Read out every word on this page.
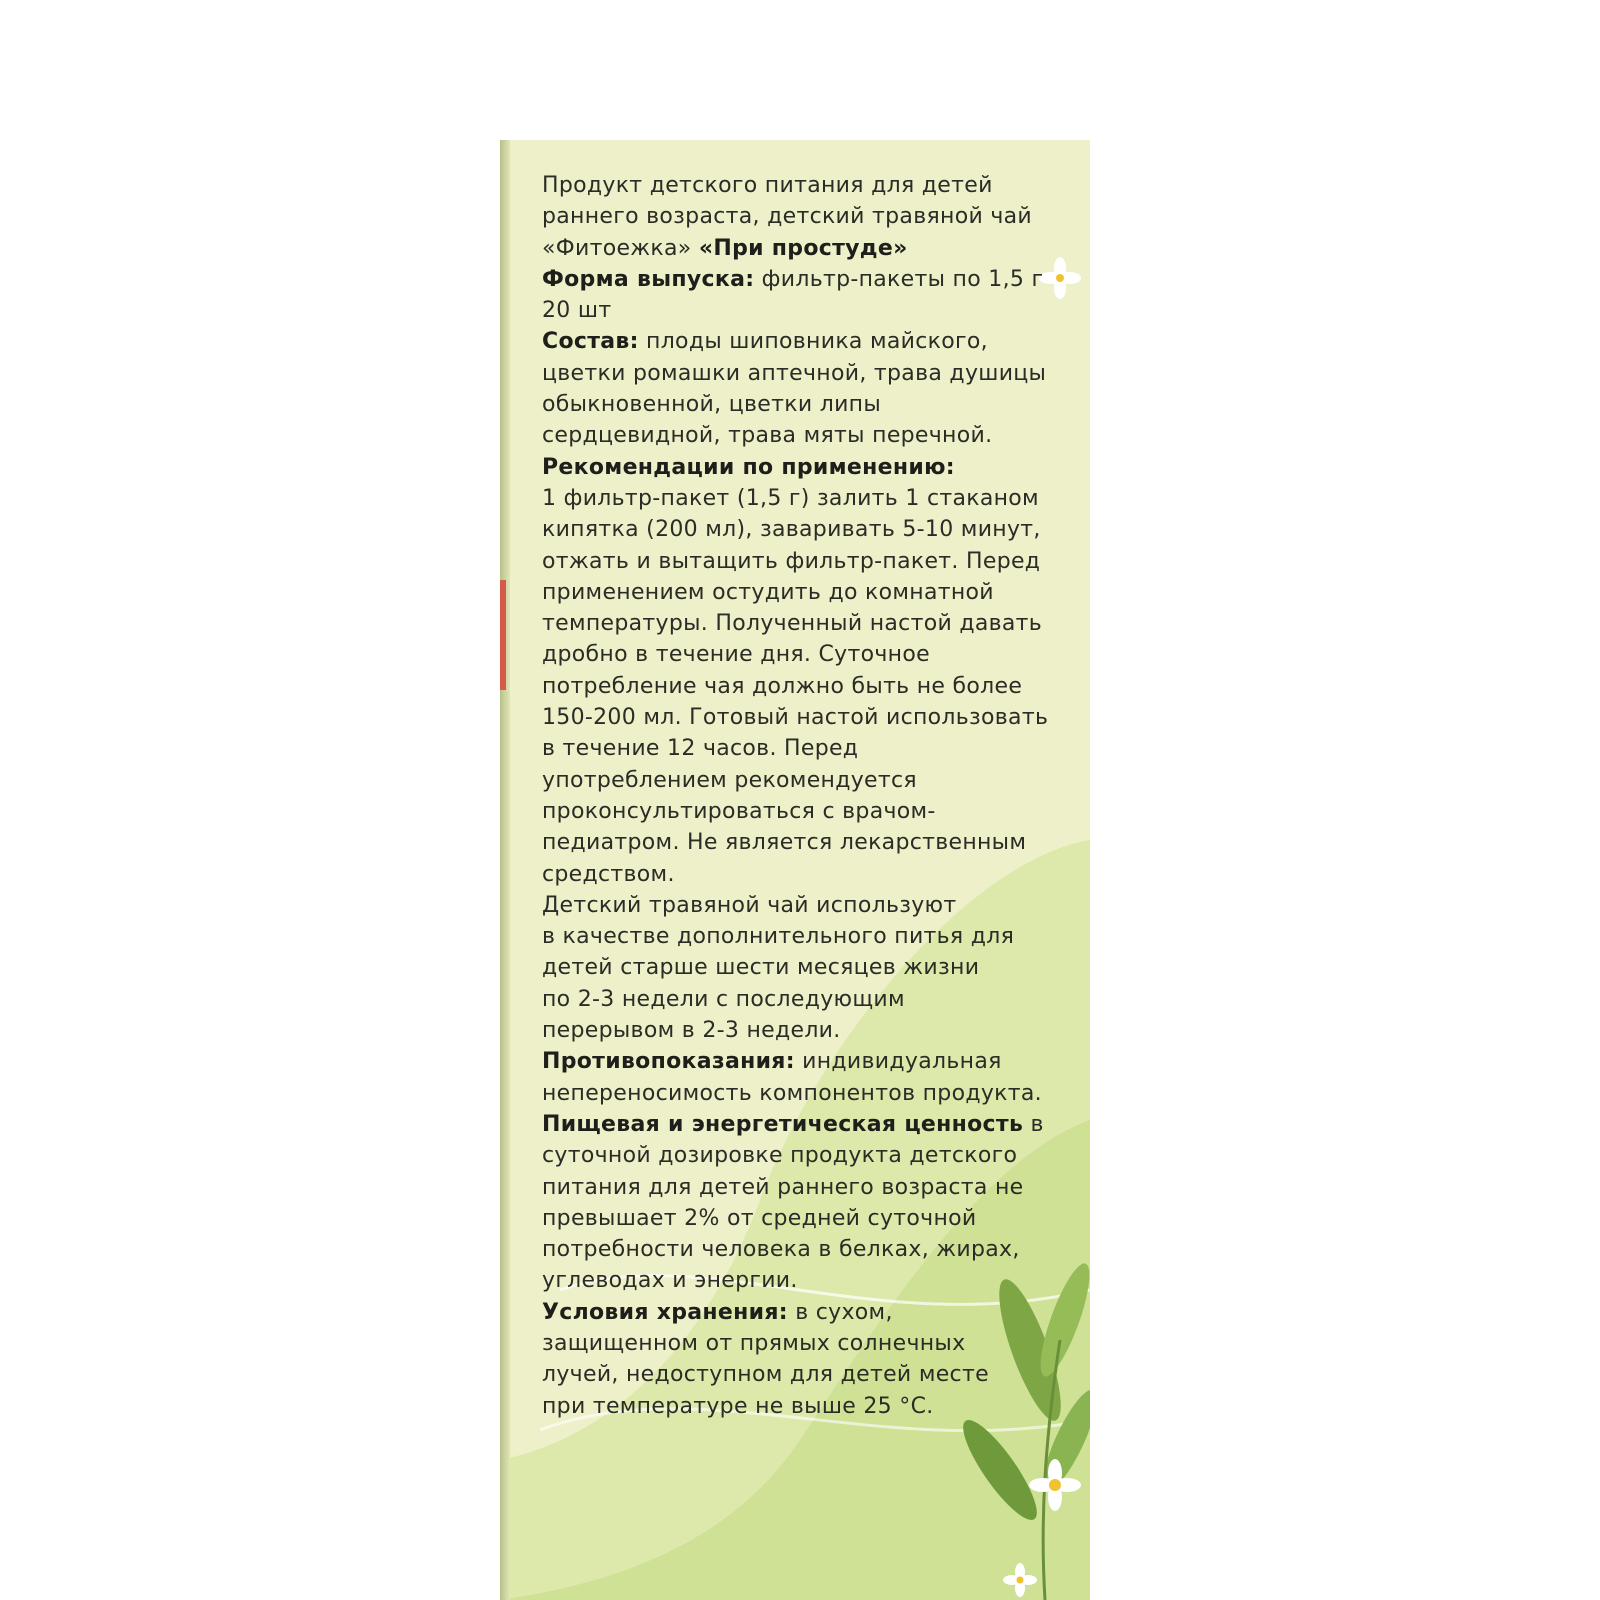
Продукт детского питания для детей
раннего возраста, детский травяной чай
«Фитоежка» «При простуде»

Форма выпуска: фильтр-пакеты по 1,5 г
20 шт

Состав: плоды шиповника майского,
цветки ромашки аптечной, трава душицы
обыкновенной, цветки липы
сердцевидной, трава мяты перечной.

Рекомендации по применению:
1 фильтр-пакет (1,5 г) залить 1 стаканом
кипятка (200 мл), заваривать 5-10 минут,
отжать и вытащить фильтр-пакет. Перед
применением остудить до комнатной
температуры. Полученный настой давать
дробно в течение дня. Суточное
потребление чая должно быть не более
150-200 мл. Готовый настой использовать
в течение 12 часов. Перед
употреблением рекомендуется
проконсультироваться с врачом-
педиатром. Не является лекарственным
средством.

Детский травяной чай используют
в качестве дополнительного питья для
детей старше шести месяцев жизни
по 2-3 недели с последующим
перерывом в 2-3 недели.

Противопоказания: индивидуальная
непереносимость компонентов продукта.

Пищевая и энергетическая ценность в
суточной дозировке продукта детского
питания для детей раннего возраста не
превышает 2% от средней суточной
потребности человека в белках, жирах,
углеводах и энергии.

Условия хранения: в сухом,
защищенном от прямых солнечных
лучей, недоступном для детей месте
при температуре не выше 25 °C.
